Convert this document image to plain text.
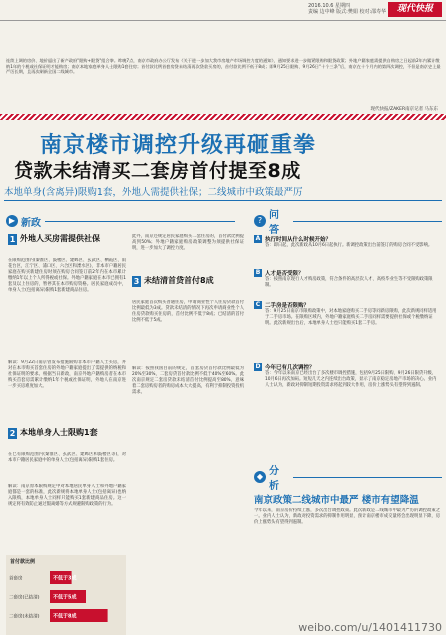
2016.10.6 星期四
责编 边中峰 版式:樊娟 校对:邵寿华	现代快报
连续上调的房价、地价逼出了新产政府"限购+限贷"组合拳。昨晚7点，南京市政府办公厅发布《关于进一步加大我市房地产市场调控力度的通知》，通知要求进一步做紧限购和限贷政策；外地户籍家庭需提供自购房之日起前2年内累计缴纳1年的个税或社保证明才能购房；南京本地家庭单身人士限购1套住房；首付款比例首套房贷未结清再次贷款买房的，首付款比例不低于8成；即9月25日限购、9月26日“十个三条”后，南京在十个月内的第四次调控，不但是南京史上最严厉长期，且再次刷新全国二线城市。
现代快报/ZAKER南京记者 马东东
南京楼市调控升级再砸重拳
贷款未结清买二套房首付提至8成
本地单身(含离异)限购1套，外地人需提供社保；二线城市中政策最严厉
▶ 新政
1 外地人买房需提供社保
在限购范围内(秦淮区、鼓楼区、建邺区、玄武区、栖霞区、雨花台区，江宁区、浦口区、六合区和溧水区)，非本市户籍居民家庭在购买新建住房时须在购房合同签订前2年内在本市累计缴纳1年以上个人所得税或社保。外地户籍家庭在本市已拥有1套及以上住房的，暂停其在本市购房资格。居民家庭成员中，单身人士(包括离异)限购1套新建商品住房。
解读：9月22日南京曾发布措施限购非本市户籍人士买房，并对在本市购买首套住房的外地户籍家庭提出了需提供的纳税和社保证明的要求。根据当日新政，南京外地户籍购房者在本市购买首套房需累计缴纳1年个税或社保证明，外地人在南京进一步买房难度加大。
2 本地单身人士限购1套
在已有限购范围内(秦淮区、玄武区、建邺区和鼓楼区等)，对本市户籍居民家庭中的单身人士(包括离异)限购1套住房。
解读：南京原本限购规定中对本地居民单身人士和外地户籍家庭都是一套的标准，此次新规将本地单身人士(包括离异)也纳入限购，本地单身人士同样只能购买1套新建商品住房。这一规定将有效防止通过假离婚等方式规避限购政策的行为。
此外，南京还规定居民家庭购买二套住房的，首付款比例提高到50%；外地户籍家庭购房政策调整为须提供社保证明，进一步加大了调控力度。
3 未结清首贷首付8成
居民家庭首次购买普通住房，申请商业性个人住房贷款首付比例最低为3成。贷款未结清的情况下再次申请商业性个人住房贷款购买住房的，首付比例不低于8成；已结清的首付比例不低于5成。
解读：按照我国目前的规定，首套房贷首付款比例最低为20%至30%，二套房贷首付款比例不低于40%至60%。此次南京规定二套房贷款未结清首付比例提高至80%，意味着二套房购房者的购房成本大大提高，有利于抑制投资投机需求。
? 问答
A 执行时间从什么时候开始？
答：即日起，此次新政从10月6日起执行。新调控政策出台前签订的购房合同不受影响。
B 人才是否受限？
答：按照南京现行人才购房政策，符合条件的高层次人才、高校毕业生等不受限购政策限制。
C 二手房是否限购？
答：9月25日南京市限购政策中，对本地家庭购买二手房等同新房限购，此次新规同样适用于二手房市场。在限购区域内，外地户籍家庭购买二手房同样需要提供社保或个税缴纳证明。此次新规出台后，本地单身人士也只能购买1套二手房。
D 今年已有几次调控？
答：今年以来南京已经出台了多次楼市调控措施，包括9月25日限购、9月26日限贷升级、10月6日再次加码。短短几天之内连续出台政策，显示了南京稳定房地产市场的决心。业内人士认为，新政对抑制短期投资需求将起到较大作用，房价上涨势头有望得到遏制。
◆ 分析
南京政策二线城市中最严 楼市有望降温
今年以来，南京房价持续上涨，多次出台调控政策。此次新政是二线城市中最为严厉的调控政策之一。业内人士认为，新政对投资需求的抑制作用明显，预计南京楼市成交量将会出现明显下降，房价上涨势头有望得到遏制。
首付款比例
首套房	不低于3成
二套房(已结清)	不低于5成
二套房(未结清)	不低于8成
weibo.com/u/1401411730
